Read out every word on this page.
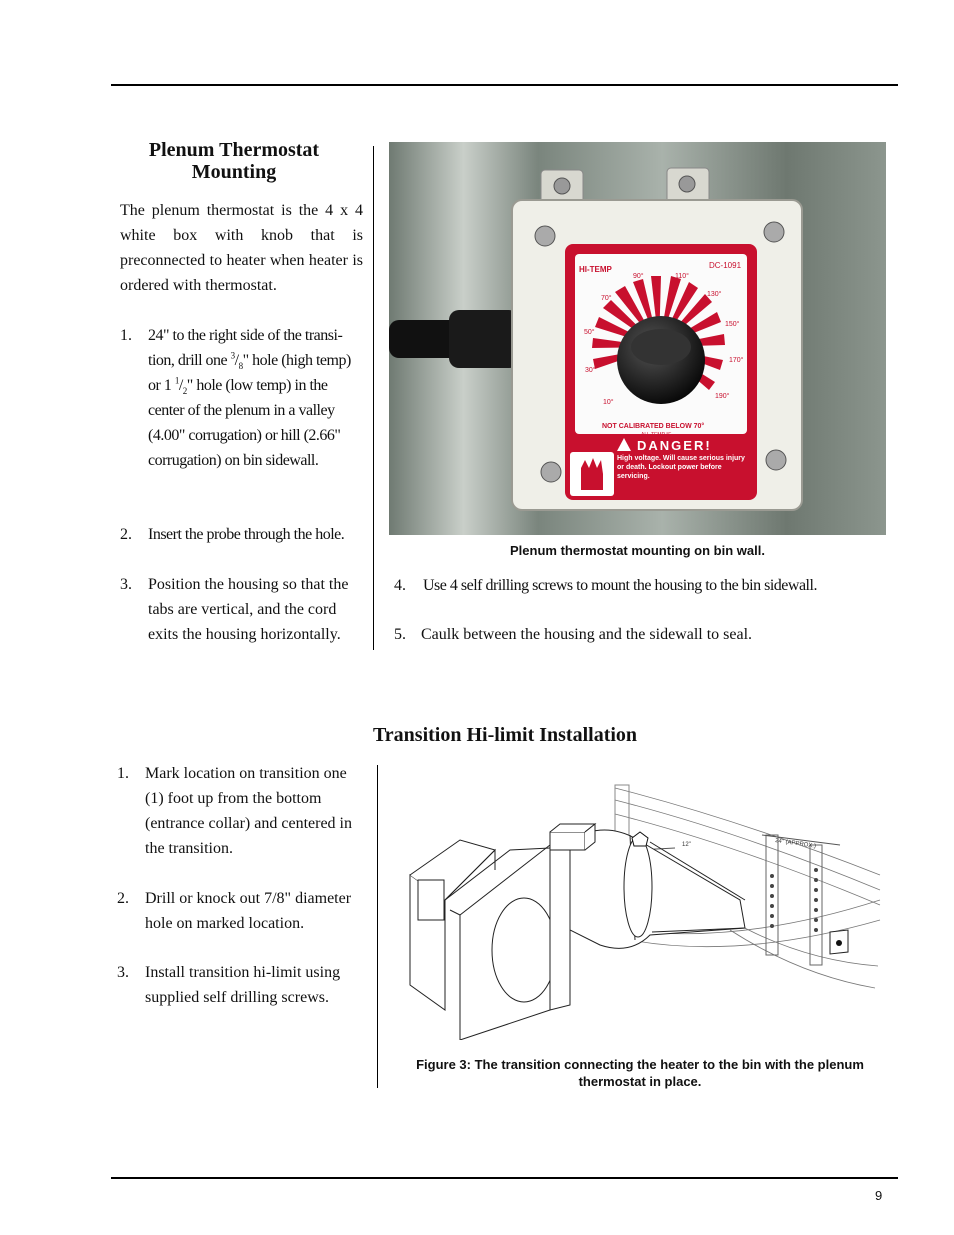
Plenum Thermostat Mounting

The plenum thermostat is the 4 x 4 white box with knob that is preconnected to heater when heater is ordered with thermostat.

1. 24" to the right side of the transi- tion, drill one $^3/_8$" hole (high temp) or 1 $^1/_2$" hole (low temp) in the center of the plenum in a valley (4.00" corrugation) or hill (2.66" corrugation) on bin sidewall.
2. Insert the probe through the hole.
3. Position the housing so that the tabs are vertical, and the cord exits the housing horizontally.
HI-TEMP	DC-1091
10°
30°
50°
70°
90°	110°
130°
150°
170°
190°
NOT CALIBRATED BELOW 70°
ALL TEMP °F
DANGER!
High voltage. Will cause serious injury or death. Lockout power before servicing.

Plenum thermostat mounting on bin wall.

4. Use 4 self drilling screws to mount the housing to the bin sidewall.
5. Caulk between the housing and the sidewall to seal.
Transition Hi-limit Installation
1. Mark location on transition one (1) foot up from the bottom (entrance collar) and centered in the transition.
2. Drill or knock out 7/8" diameter hole on marked location.
3. Install transition hi-limit using supplied self drilling screws.
24" (APPROX.)
12"

Figure 3: The transition connecting the heater to the bin with the plenum thermostat in place.

9
